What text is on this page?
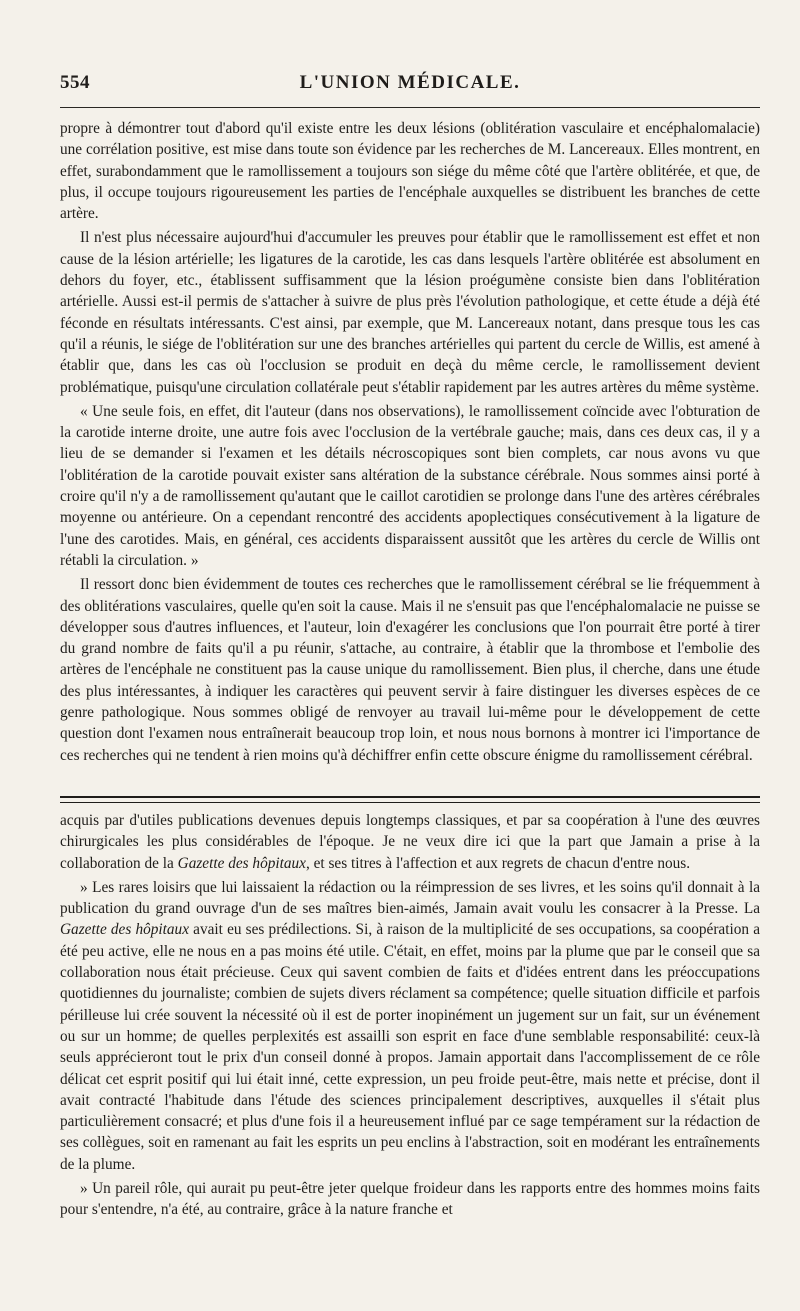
554	L'UNION MÉDICALE.

propre à démontrer tout d'abord qu'il existe entre les deux lésions (oblitération vasculaire et encéphalomalacie) une corrélation positive, est mise dans toute son évidence par les recherches de M. Lancereaux. Elles montrent, en effet, surabondamment que le ramollissement a toujours son siége du même côté que l'artère oblitérée, et que, de plus, il occupe toujours rigoureusement les parties de l'encéphale auxquelles se distribuent les branches de cette artère.

Il n'est plus nécessaire aujourd'hui d'accumuler les preuves pour établir que le ramollissement est effet et non cause de la lésion artérielle; les ligatures de la carotide, les cas dans lesquels l'artère oblitérée est absolument en dehors du foyer, etc., établissent suffisamment que la lésion proégumène consiste bien dans l'oblitération artérielle. Aussi est-il permis de s'attacher à suivre de plus près l'évolution pathologique, et cette étude a déjà été féconde en résultats intéressants. C'est ainsi, par exemple, que M. Lancereaux notant, dans presque tous les cas qu'il a réunis, le siége de l'oblitération sur une des branches artérielles qui partent du cercle de Willis, est amené à établir que, dans les cas où l'occlusion se produit en deçà du même cercle, le ramollissement devient problématique, puisqu'une circulation collatérale peut s'établir rapidement par les autres artères du même système.

« Une seule fois, en effet, dit l'auteur (dans nos observations), le ramollissement coïncide avec l'obturation de la carotide interne droite, une autre fois avec l'occlusion de la vertébrale gauche; mais, dans ces deux cas, il y a lieu de se demander si l'examen et les détails nécroscopiques sont bien complets, car nous avons vu que l'oblitération de la carotide pouvait exister sans altération de la substance cérébrale. Nous sommes ainsi porté à croire qu'il n'y a de ramollissement qu'autant que le caillot carotidien se prolonge dans l'une des artères cérébrales moyenne ou antérieure. On a cependant rencontré des accidents apoplectiques consécutivement à la ligature de l'une des carotides. Mais, en général, ces accidents disparaissent aussitôt que les artères du cercle de Willis ont rétabli la circulation. »

Il ressort donc bien évidemment de toutes ces recherches que le ramollissement cérébral se lie fréquemment à des oblitérations vasculaires, quelle qu'en soit la cause. Mais il ne s'ensuit pas que l'encéphalomalacie ne puisse se développer sous d'autres influences, et l'auteur, loin d'exagérer les conclusions que l'on pourrait être porté à tirer du grand nombre de faits qu'il a pu réunir, s'attache, au contraire, à établir que la thrombose et l'embolie des artères de l'encéphale ne constituent pas la cause unique du ramollissement. Bien plus, il cherche, dans une étude des plus intéressantes, à indiquer les caractères qui peuvent servir à faire distinguer les diverses espèces de ce genre pathologique. Nous sommes obligé de renvoyer au travail lui-même pour le développement de cette question dont l'examen nous entraînerait beaucoup trop loin, et nous nous bornons à montrer ici l'importance de ces recherches qui ne tendent à rien moins qu'à déchiffrer enfin cette obscure énigme du ramollissement cérébral.

acquis par d'utiles publications devenues depuis longtemps classiques, et par sa coopération à l'une des œuvres chirurgicales les plus considérables de l'époque. Je ne veux dire ici que la part que Jamain a prise à la collaboration de la Gazette des hôpitaux, et ses titres à l'affection et aux regrets de chacun d'entre nous.

» Les rares loisirs que lui laissaient la rédaction ou la réimpression de ses livres, et les soins qu'il donnait à la publication du grand ouvrage d'un de ses maîtres bien-aimés, Jamain avait voulu les consacrer à la Presse. La Gazette des hôpitaux avait eu ses prédilections. Si, à raison de la multiplicité de ses occupations, sa coopération a été peu active, elle ne nous en a pas moins été utile. C'était, en effet, moins par la plume que par le conseil que sa collaboration nous était précieuse. Ceux qui savent combien de faits et d'idées entrent dans les préoccupations quotidiennes du journaliste; combien de sujets divers réclament sa compétence; quelle situation difficile et parfois périlleuse lui crée souvent la nécessité où il est de porter inopinément un jugement sur un fait, sur un événement ou sur un homme; de quelles perplexités est assailli son esprit en face d'une semblable responsabilité: ceux-là seuls apprécieront tout le prix d'un conseil donné à propos. Jamain apportait dans l'accomplissement de ce rôle délicat cet esprit positif qui lui était inné, cette expression, un peu froide peut-être, mais nette et précise, dont il avait contracté l'habitude dans l'étude des sciences principalement descriptives, auxquelles il s'était plus particulièrement consacré; et plus d'une fois il a heureusement influé par ce sage tempérament sur la rédaction de ses collègues, soit en ramenant au fait les esprits un peu enclins à l'abstraction, soit en modérant les entraînements de la plume.

» Un pareil rôle, qui aurait pu peut-être jeter quelque froideur dans les rapports entre des hommes moins faits pour s'entendre, n'a été, au contraire, grâce à la nature franche et
